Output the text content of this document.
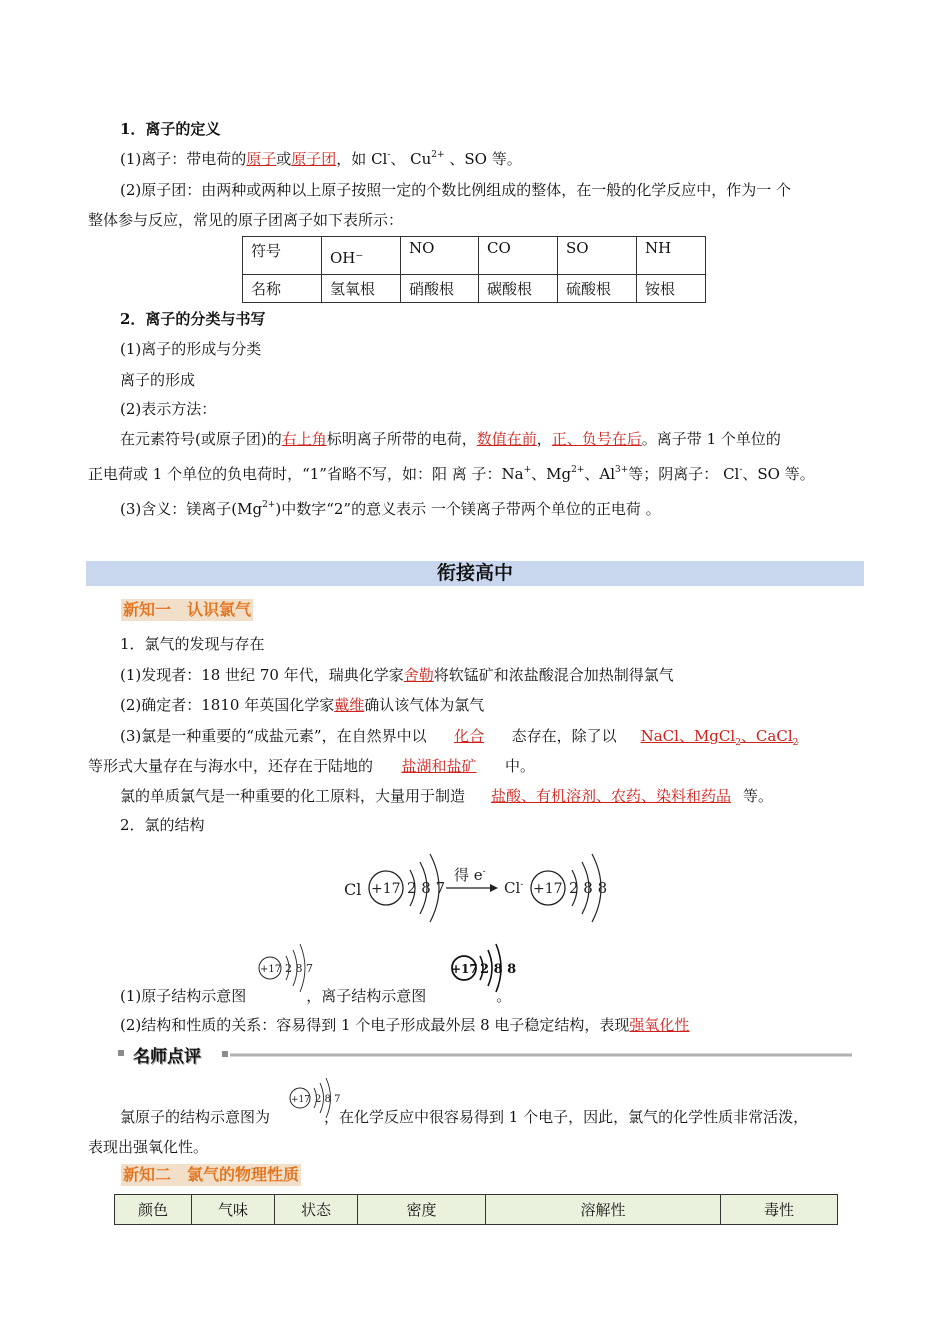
1．离子的定义
(1)离子：带电荷的原子或原子团，如 Cl-、 $Cu^{2+}$ 、SO 等。
(2)原子团：由两种或两种以上原子按照一定的个数比例组成的整体，在一般的化学反应中，作为一 个
整体参与反应，常见的原子团离子如下表所示：
符号	OH⁻	NO	CO	SO	NH
名称	氢氧根	硝酸根	碳酸根	硫酸根	铵根
2．离子的分类与书写
(1)离子的形成与分类
离子的形成
(2)表示方法：
在元素符号(或原子团)的右上角标明离子所带的电荷，数值在前，正、负号在后。离子带 1 个单位的
正电荷或 1 个单位的负电荷时，“1”省略不写，如：阳 离 子：Na+、$Mg^{2+}$、$Al^{3+}$等；阴离子： Cl-、SO 等。
(3)含义：镁离子$(Mg^{2+})$中数字“2”的意义表示 一个镁离子带两个单位的正电荷 。
衔接高中
新知一　认识氯气
1．氯气的发现与存在
(1)发现者：18 世纪 70 年代，瑞典化学家舍勒将软锰矿和浓盐酸混合加热制得氯气
(2)确定者：1810 年英国化学家戴维确认该气体为氯气
(3)氯是一种重要的“成盐元素”，在自然界中以 化合 态存在，除了以 NaCl、MgCl$_2$、CaCl$_2$
等形式大量存在与海水中，还存在于陆地的 盐湖和盐矿 中。
氯的单质氯气是一种重要的化工原料，大量用于制造 盐酸、有机溶剂、农药、染料和药品 等。
2．氯的结构
Cl +17 2 8 7
得 e-
Cl- +17 2 8 8
(1)原子结构示意图	，离子结构示意图	。
+17 2 8 7	+17 2 8 8
(2)结构和性质的关系：容易得到 1 个电子形成最外层 8 电子稳定结构，表现强氧化性
名师点评
+17 2 8 7
氯原子的结构示意图为	，在化学反应中很容易得到 1 个电子，因此，氯气的化学性质非常活泼，
表现出强氧化性。
新知二　氯气的物理性质
颜色	气味	状态	密度	溶解性	毒性
